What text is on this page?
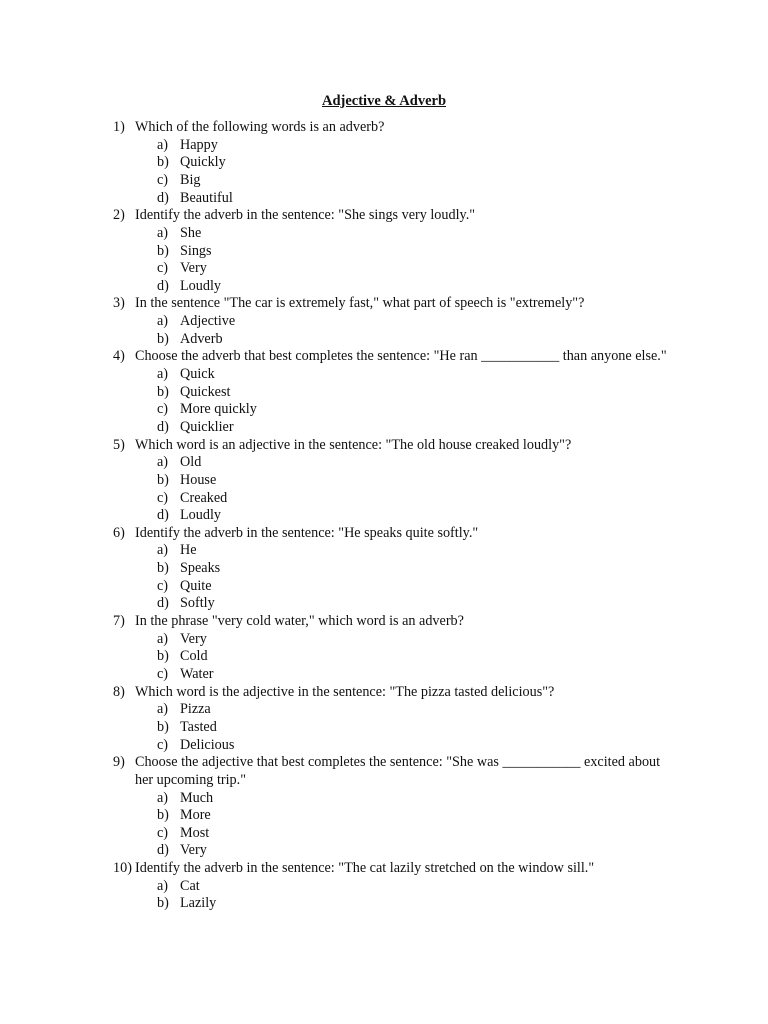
Adjective & Adverb
1) Which of the following words is an adverb?
a) Happy
b) Quickly
c) Big
d) Beautiful
2) Identify the adverb in the sentence: "She sings very loudly."
a) She
b) Sings
c) Very
d) Loudly
3) In the sentence "The car is extremely fast," what part of speech is "extremely"?
a) Adjective
b) Adverb
4) Choose the adverb that best completes the sentence: "He ran ___________ than anyone else."
a) Quick
b) Quickest
c) More quickly
d) Quicklier
5) Which word is an adjective in the sentence: "The old house creaked loudly"?
a) Old
b) House
c) Creaked
d) Loudly
6) Identify the adverb in the sentence: "He speaks quite softly."
a) He
b) Speaks
c) Quite
d) Softly
7) In the phrase "very cold water," which word is an adverb?
a) Very
b) Cold
c) Water
8) Which word is the adjective in the sentence: "The pizza tasted delicious"?
a) Pizza
b) Tasted
c) Delicious
9) Choose the adjective that best completes the sentence: "She was ___________ excited about her upcoming trip."
a) Much
b) More
c) Most
d) Very
10) Identify the adverb in the sentence: "The cat lazily stretched on the window sill."
a) Cat
b) Lazily
